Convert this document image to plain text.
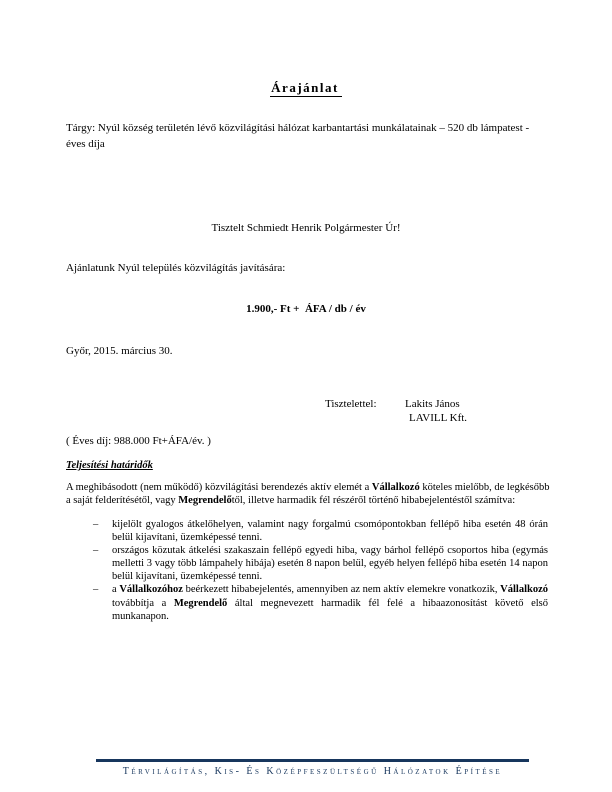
Árajánlat

Tárgy: Nyúl község területén lévő közvilágítási hálózat karbantartási munkálatainak – 520 db lámpatest - éves díja

Tisztelt Schmiedt Henrik Polgármester Úr!

Ajánlatunk Nyúl település közvilágítás javítására:

1.900,- Ft +  ÁFA / db / év

Győr, 2015. március 30.

Tisztelettel:	Lakits János
LAVILL Kft.

( Éves díj: 988.000 Ft+ÁFA/év. )

Teljesítési határidők

A meghibásodott (nem működő) közvilágítási berendezés aktív elemét a Vállalkozó köteles mielőbb, de legkésőbb a saját felderítésétől, vagy Megrendelőtől, illetve harmadik fél részéről történő hibabejelentéstől számítva:

–	kijelölt gyalogos átkelőhelyen, valamint nagy forgalmú csomópontokban fellépő hiba esetén 48 órán belül kijavítani, üzemképessé tenni.
–	országos közutak átkelési szakaszain fellépő egyedi hiba, vagy bárhol fellépő csoportos hiba (egymás melletti 3 vagy több lámpahely hibája) esetén 8 napon belül, egyéb helyen fellépő hiba esetén 14 napon belül kijavítani, üzemképessé tenni.
–	a Vállalkozóhoz beérkezett hibabejelentés, amennyiben az nem aktív elemekre vonatkozik, Vállalkozó továbbítja a Megrendelő által megnevezett harmadik fél felé a hibaazonosítást követő első munkanapon.
Térvilágítás, Kis- És Középfeszültségű Hálózatok Építése
